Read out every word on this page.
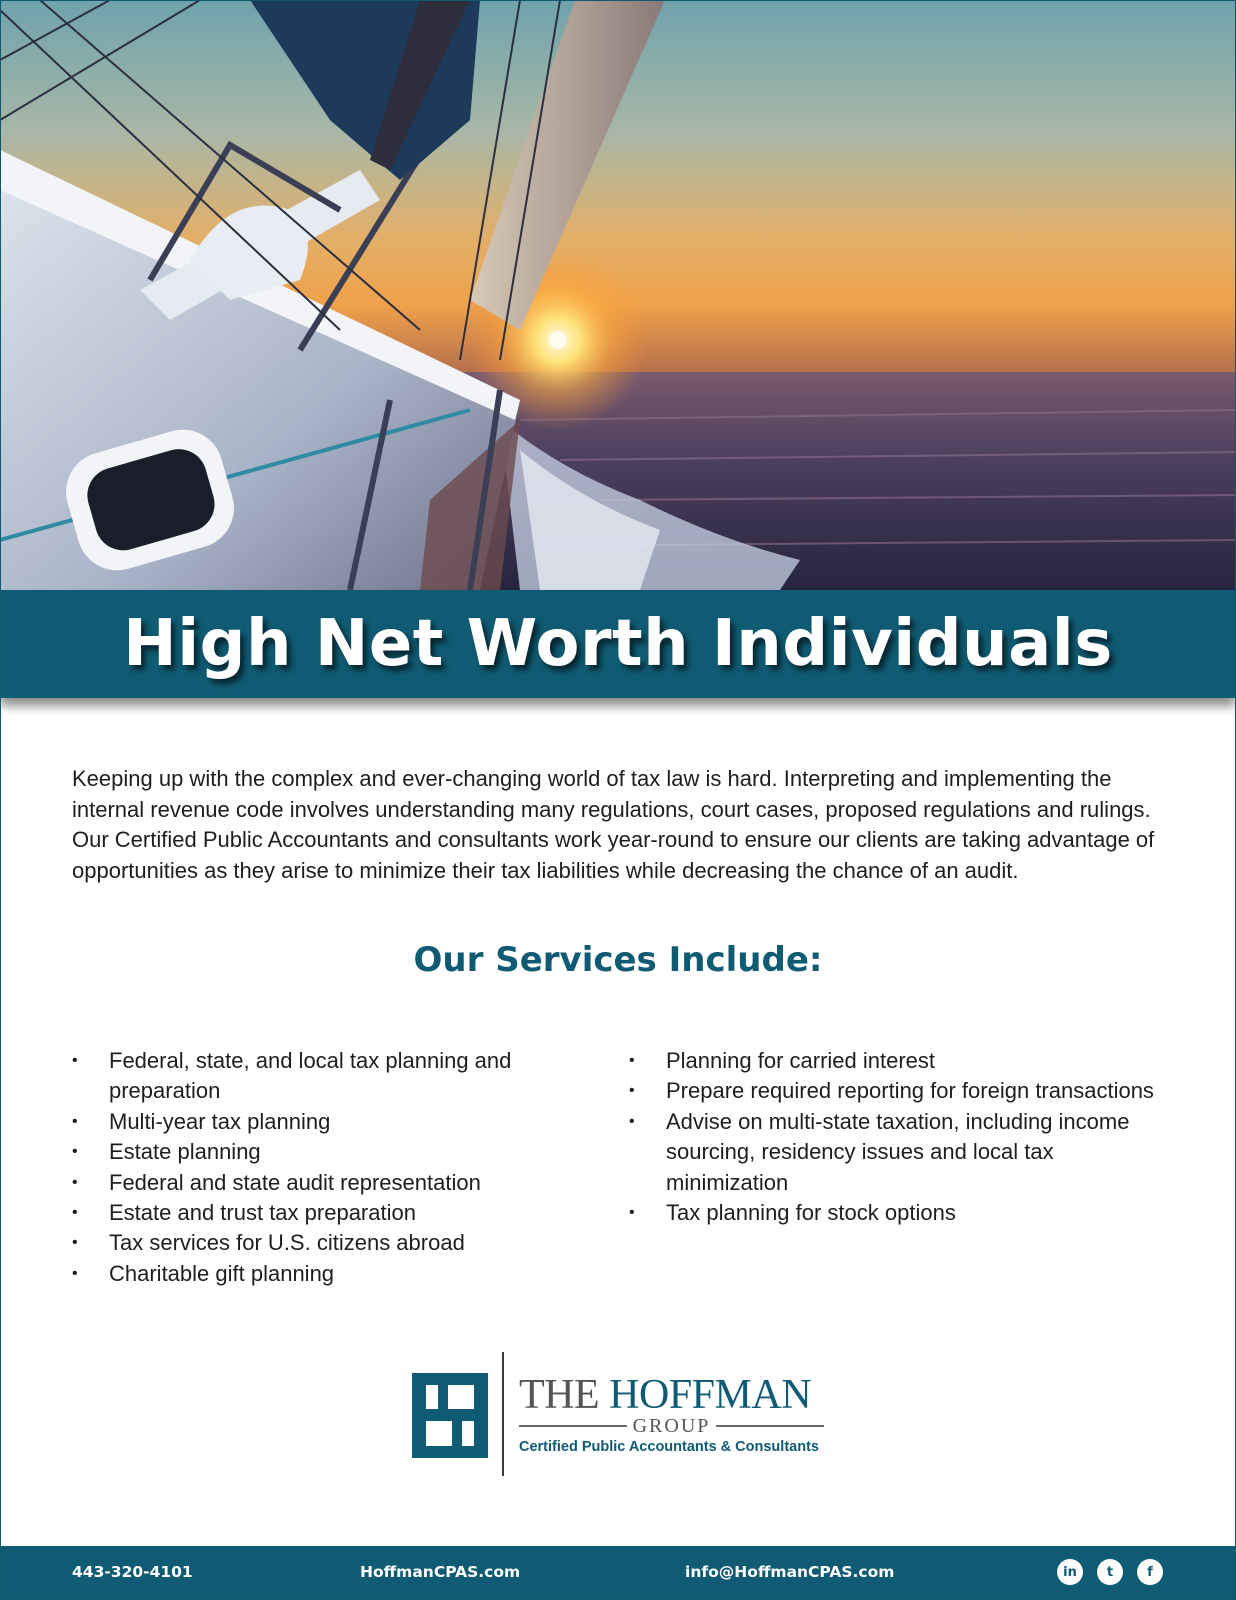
High Net Worth Individuals

Keeping up with the complex and ever-changing world of tax law is hard. Interpreting and implementing the internal revenue code involves understanding many regulations, court cases, proposed regulations and rulings. Our Certified Public Accountants and consultants work year-round to ensure our clients are taking advantage of opportunities as they arise to minimize their tax liabilities while decreasing the chance of an audit.

Our Services Include:
• Federal, state, and local tax planning and preparation
• Multi-year tax planning
• Estate planning
• Federal and state audit representation
• Estate and trust tax preparation
• Tax services for U.S. citizens abroad
• Charitable gift planning
• Planning for carried interest
• Prepare required reporting for foreign transactions
• Advise on multi-state taxation, including income sourcing, residency issues and local tax minimization
• Tax planning for stock options
THE HOFFMAN
GROUP
Certified Public Accountants & Consultants
443-320-4101	HoffmanCPAS.com	info@HoffmanCPAS.com	in	t	f
